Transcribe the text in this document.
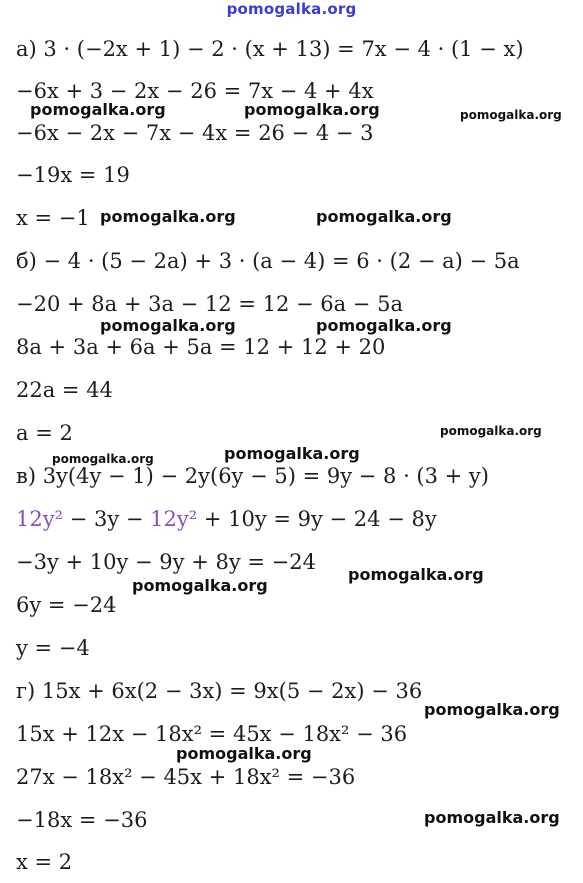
pomogalka.org
а) 3 · (−2x + 1) − 2 · (x + 13) = 7x − 4 · (1 − x)
−6x + 3 − 2x − 26 = 7x − 4 + 4x
−6x − 2x − 7x − 4x = 26 − 4 − 3
−19x = 19
x = −1
б) − 4 · (5 − 2a) + 3 · (a − 4) = 6 · (2 − a) − 5a
−20 + 8a + 3a − 12 = 12 − 6a − 5a
8a + 3a + 6a + 5a = 12 + 12 + 20
22a = 44
a = 2
в) 3y(4y − 1) − 2y(6y − 5) = 9y − 8 · (3 + y)
12y² − 3y − 12y² + 10y = 9y − 24 − 8y
−3y + 10y − 9y + 8y = −24
6y = −24
y = −4
г) 15x + 6x(2 − 3x) = 9x(5 − 2x) − 36
15x + 12x − 18x² = 45x − 18x² − 36
27x − 18x² − 45x + 18x² = −36
−18x = −36
x = 2
pomogalka.org	pomogalka.org	pomogalka.org
pomogalka.org	pomogalka.org
pomogalka.org	pomogalka.org
pomogalka.org
pomogalka.org	pomogalka.org
pomogalka.org
pomogalka.org
pomogalka.org
pomogalka.org
pomogalka.org
